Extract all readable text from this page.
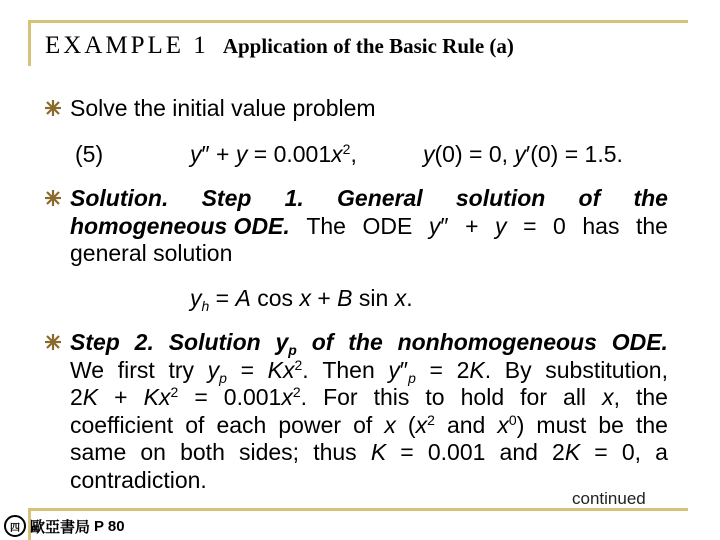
EXAMPLE 1 Application of the Basic Rule (a)
Solve the initial value problem
(5)	$y'' + y = 0.001x^2$,	y(0) = 0, y′(0) = 1.5.
Solution. Step 1. General solution of the
homogeneous ODE. The ODE y″ + y = 0 has the
general solution
$y_h = A$ cos x + B sin x.
Step 2. Solution $y_p$ of the nonhomogeneous ODE.
We first try $y_p = Kx^2$. Then $y''_p = 2K$. By substitution,
$2K + Kx^2 = 0.001x^2$. For this to hold for all x, the
coefficient of each power of x ($x^2$ and $x^0$) must be the
same on both sides; thus K = 0.001 and 2K = 0, a
contradiction.
continued
四 歐亞書局 P 80
